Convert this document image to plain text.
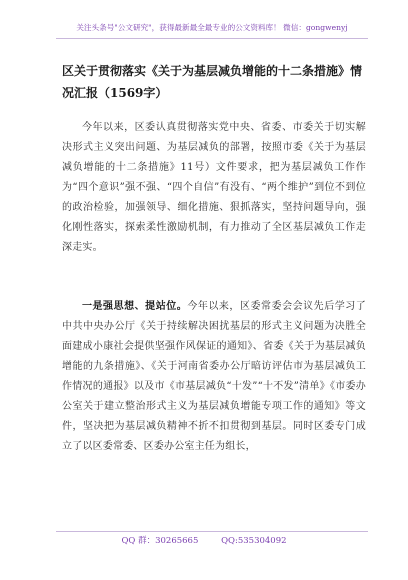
关注头条号"公文研究"，获得最新最全最专业的公文资料库！ 微信：gongwenyj
区关于贯彻落实《关于为基层减负增能的十二条措施》情况汇报（1569字）
今年以来，区委认真贯彻落实党中央、省委、市委关于切实解决形式主义突出问题、为基层减负的部署，按照市委《关于为基层减负增能的十二条措施》11号）文件要求，把为基层减负工作作为“四个意识”强不强、“四个自信”有没有、“两个维护”到位不到位的政治检验，加强领导、细化措施、狠抓落实，坚持问题导向，强化刚性落实，探索柔性激励机制，有力推动了全区基层减负工作走深走实。
一是强思想、提站位。今年以来，区委常委会会议先后学习了中共中央办公厅《关于持续解决困扰基层的形式主义问题为决胜全面建成小康社会提供坚强作风保证的通知》、省委《关于为基层减负增能的九条措施》、《关于河南省委办公厅暗访评估市为基层减负工作情况的通报》以及市《市基层减负“十发”“十不发”清单》《市委办公室关于建立整治形式主义为基层减负增能专项工作的通知》等文件，坚决把为基层减负精神不折不扣贯彻到基层。同时区委专门成立了以区委常委、区委办公室主任为组长，
QQ 群：30265665	QQ:535304092
